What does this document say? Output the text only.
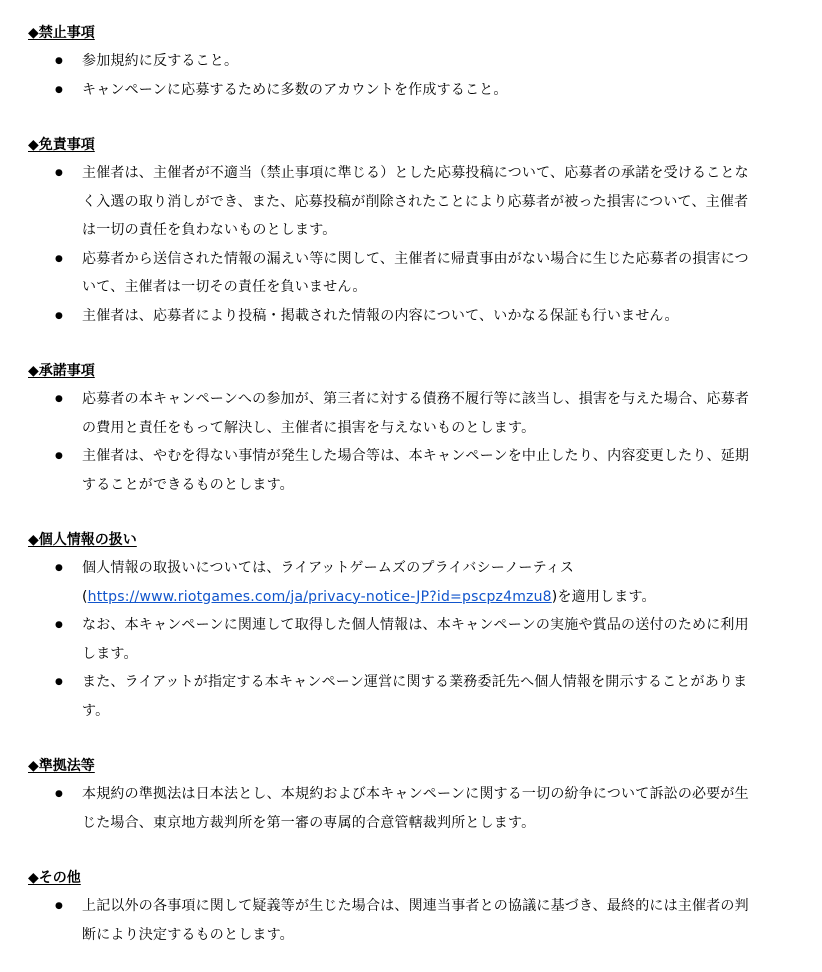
◆禁止事項
● 参加規約に反すること。
● キャンペーンに応募するために多数のアカウントを作成すること。
◆免責事項
● 主催者は、主催者が不適当（禁止事項に準じる）とした応募投稿について、応募者の承諾を受けることな
く入選の取り消しができ、また、応募投稿が削除されたことにより応募者が被った損害について、主催者
は一切の責任を負わないものとします。
● 応募者から送信された情報の漏えい等に関して、主催者に帰責事由がない場合に生じた応募者の損害につ
いて、主催者は一切その責任を負いません。
● 主催者は、応募者により投稿・掲載された情報の内容について、いかなる保証も行いません。
◆承諾事項
● 応募者の本キャンペーンへの参加が、第三者に対する債務不履行等に該当し、損害を与えた場合、応募者
の費用と責任をもって解決し、主催者に損害を与えないものとします。
● 主催者は、やむを得ない事情が発生した場合等は、本キャンペーンを中止したり、内容変更したり、延期
することができるものとします。
◆個人情報の扱い
● 個人情報の取扱いについては、ライアットゲームズのプライバシーノーティス
(https://www.riotgames.com/ja/privacy-notice-JP?id=pscpz4mzu8)を適用します。
● なお、本キャンペーンに関連して取得した個人情報は、本キャンペーンの実施や賞品の送付のために利用
します。
● また、ライアットが指定する本キャンペーン運営に関する業務委託先へ個人情報を開示することがありま
す。
◆準拠法等
● 本規約の準拠法は日本法とし、本規約および本キャンペーンに関する一切の紛争について訴訟の必要が生
じた場合、東京地方裁判所を第一審の専属的合意管轄裁判所とします。
◆その他
● 上記以外の各事項に関して疑義等が生じた場合は、関連当事者との協議に基づき、最終的には主催者の判
断により決定するものとします。
